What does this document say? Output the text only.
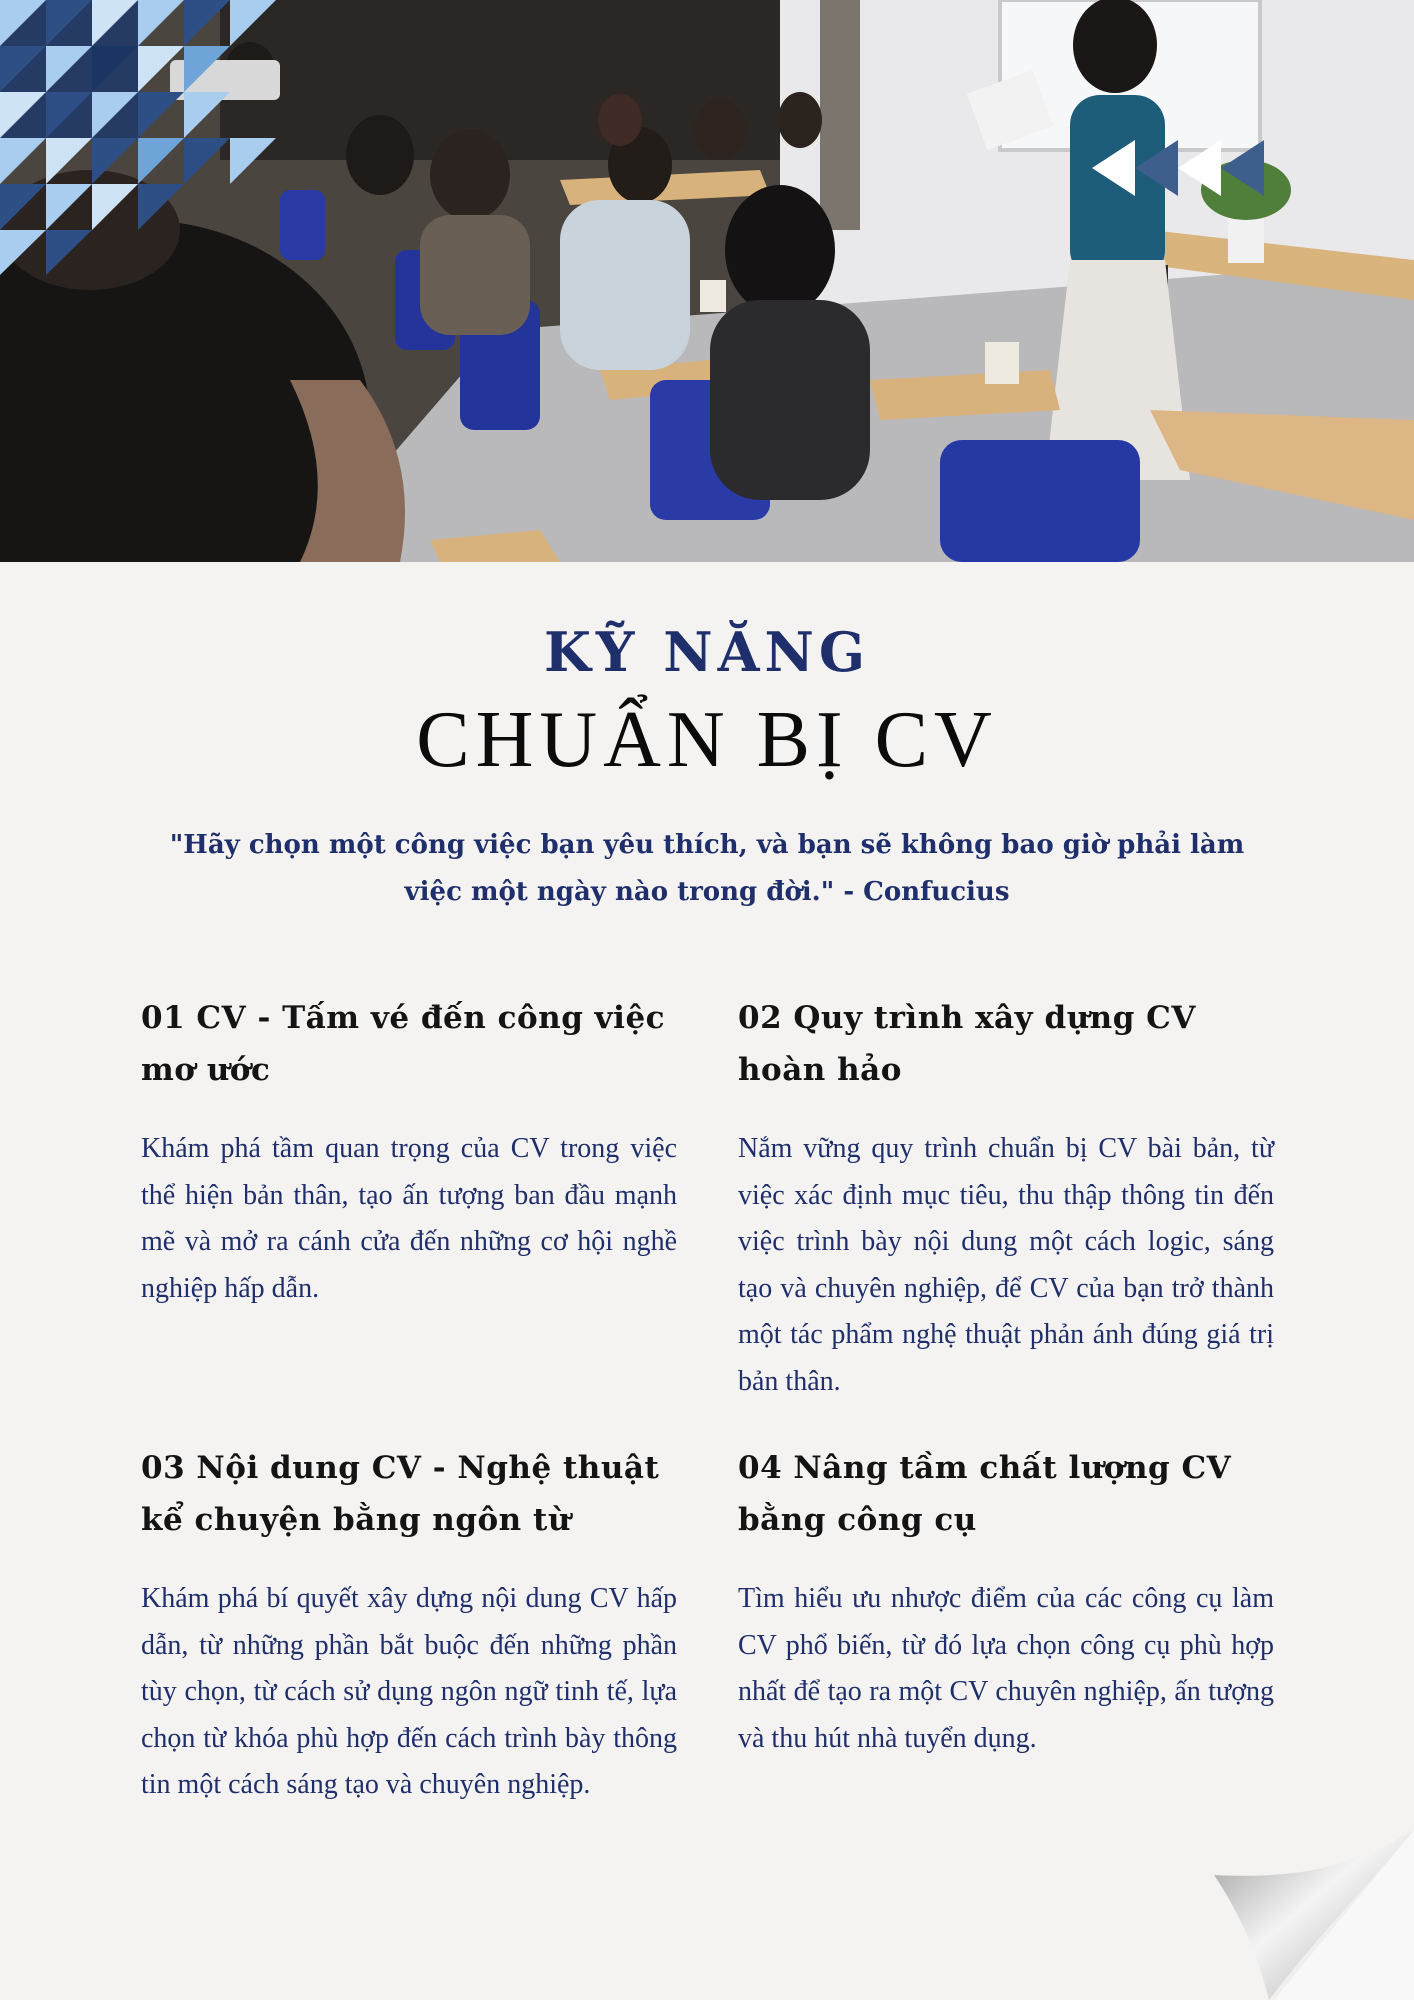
KỸ NĂNG
CHUẨN BỊ CV
"Hãy chọn một công việc bạn yêu thích, và bạn sẽ không bao giờ phải làm việc một ngày nào trong đời." - Confucius
01 CV - Tấm vé đến công việc mơ ước

Khám phá tầm quan trọng của CV trong việc thể hiện bản thân, tạo ấn tượng ban đầu mạnh mẽ và mở ra cánh cửa đến những cơ hội nghề nghiệp hấp dẫn.

02 Quy trình xây dựng CV hoàn hảo

Nắm vững quy trình chuẩn bị CV bài bản, từ việc xác định mục tiêu, thu thập thông tin đến việc trình bày nội dung một cách logic, sáng tạo và chuyên nghiệp, để CV của bạn trở thành một tác phẩm nghệ thuật phản ánh đúng giá trị bản thân.

03 Nội dung CV - Nghệ thuật kể chuyện bằng ngôn từ

Khám phá bí quyết xây dựng nội dung CV hấp dẫn, từ những phần bắt buộc đến những phần tùy chọn, từ cách sử dụng ngôn ngữ tinh tế, lựa chọn từ khóa phù hợp đến cách trình bày thông tin một cách sáng tạo và chuyên nghiệp.

04 Nâng tầm chất lượng CV bằng công cụ

Tìm hiểu ưu nhược điểm của các công cụ làm CV phổ biến, từ đó lựa chọn công cụ phù hợp nhất để tạo ra một CV chuyên nghiệp, ấn tượng và thu hút nhà tuyển dụng.
